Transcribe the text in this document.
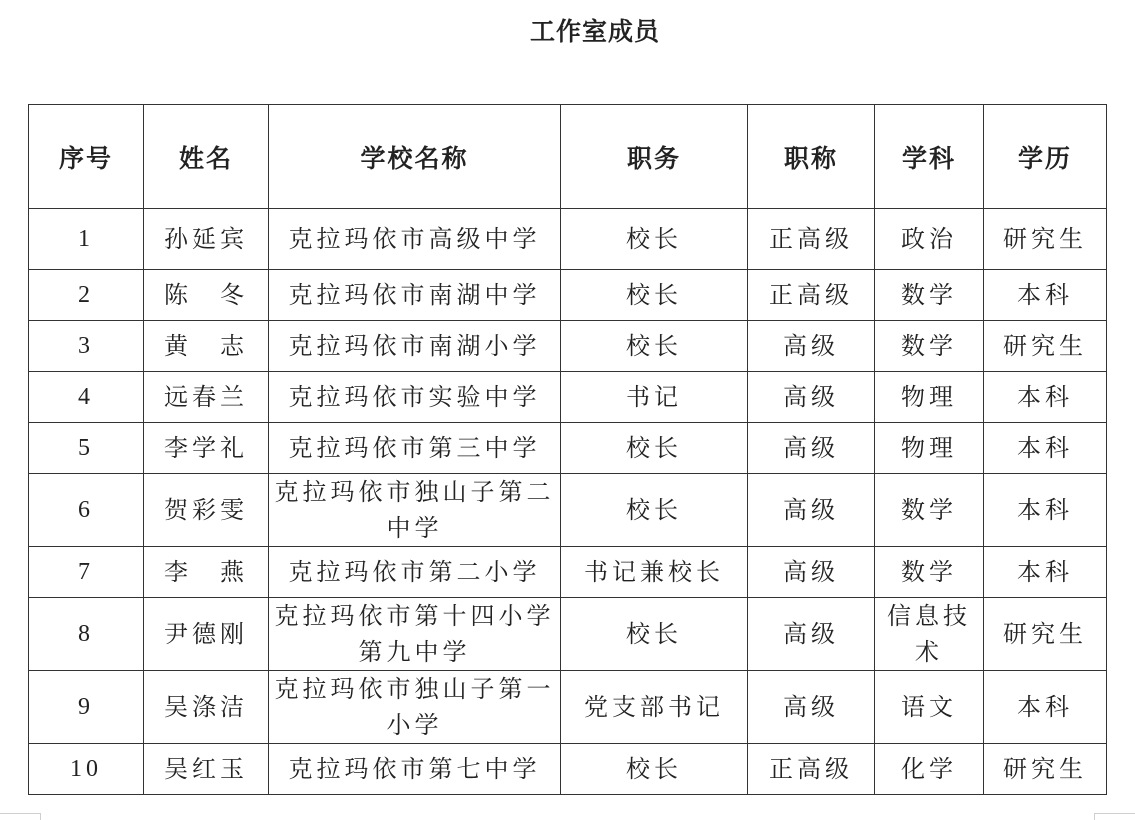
工作室成员
序号	姓名	学校名称	职务	职称	学科	学历
1	孙延宾	克拉玛依市高级中学	校长	正高级	政治	研究生
2	陈　冬	克拉玛依市南湖中学	校长	正高级	数学	本科
3	黄　志	克拉玛依市南湖小学	校长	高级	数学	研究生
4	远春兰	克拉玛依市实验中学	书记	高级	物理	本科
5	李学礼	克拉玛依市第三中学	校长	高级	物理	本科
6	贺彩雯	克拉玛依市独山子第二中学	校长	高级	数学	本科
7	李　燕	克拉玛依市第二小学	书记兼校长	高级	数学	本科
8	尹德刚	克拉玛依市第十四小学第九中学	校长	高级	信息技术	研究生
9	吴涤洁	克拉玛依市独山子第一小学	党支部书记	高级	语文	本科
10	吴红玉	克拉玛依市第七中学	校长	正高级	化学	研究生
